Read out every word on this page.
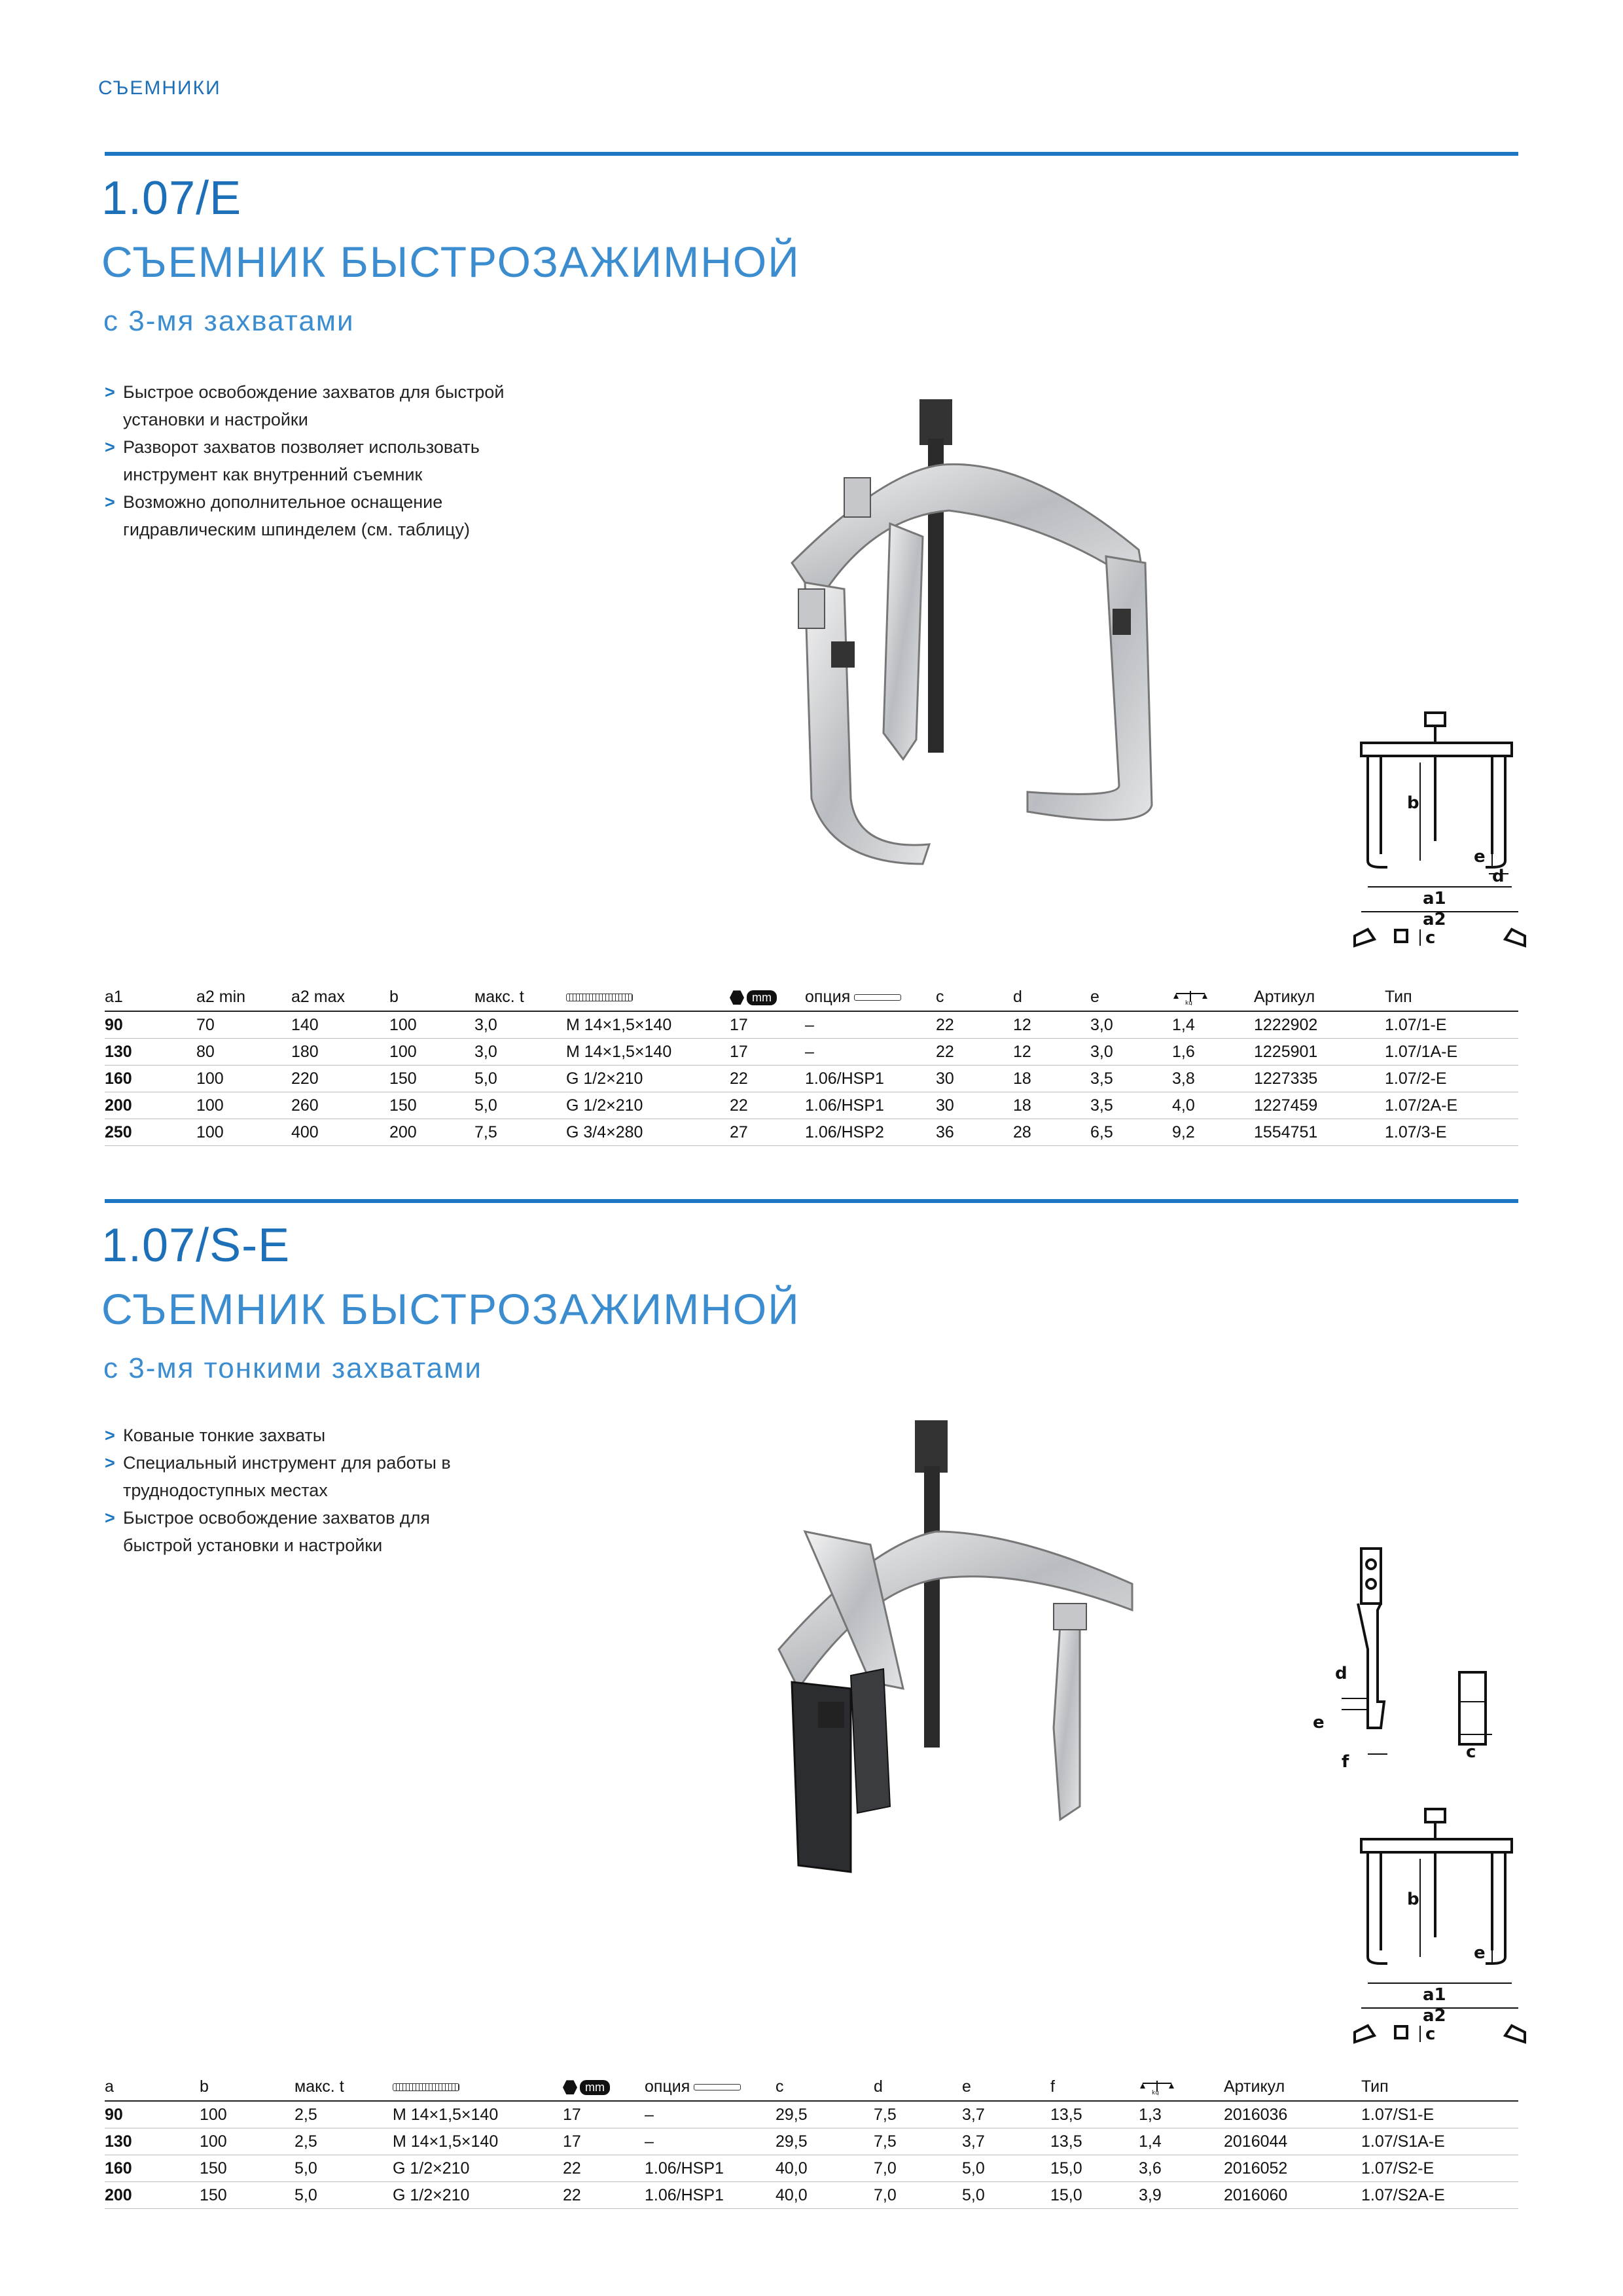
СЪЕМНИКИ
1.07/E
СЪЕМНИК БЫСТРОЗАЖИМНОЙ
с 3-мя захватами
> Быстрое освобождение захватов для быстрой установки и настройки
> Разворот захватов позволяет использовать инструмент как внутренний съемник
> Возможно дополнительное оснащение гидравлическим шпинделем (см. таблицу)
b
e
d
a1
a2
c
a1	a2 min	a2 max	b	макс. t		mm	опция	c	d	e	kg	Артикул	Тип
90	70	140	100	3,0	M 14×1,5×140	17	–	22	12	3,0	1,4	1222902	1.07/1-E
130	80	180	100	3,0	M 14×1,5×140	17	–	22	12	3,0	1,6	1225901	1.07/1A-E
160	100	220	150	5,0	G 1/2×210	22	1.06/HSP1	30	18	3,5	3,8	1227335	1.07/2-E
200	100	260	150	5,0	G 1/2×210	22	1.06/HSP1	30	18	3,5	4,0	1227459	1.07/2A-E
250	100	400	200	7,5	G 3/4×280	27	1.06/HSP2	36	28	6,5	9,2	1554751	1.07/3-E
1.07/S-E
СЪЕМНИК БЫСТРОЗАЖИМНОЙ
с 3-мя тонкими захватами
> Кованые тонкие захваты
> Специальный инструмент для работы в труднодоступных местах
> Быстрое освобождение захватов для быстрой установки и настройки
d
e
f	c
b
e
a1
a2
c
a	b	макс. t		mm	опция	c	d	e	f	kg	Артикул	Тип
90	100	2,5	M 14×1,5×140	17	–	29,5	7,5	3,7	13,5	1,3	2016036	1.07/S1-E
130	100	2,5	M 14×1,5×140	17	–	29,5	7,5	3,7	13,5	1,4	2016044	1.07/S1A-E
160	150	5,0	G 1/2×210	22	1.06/HSP1	40,0	7,0	5,0	15,0	3,6	2016052	1.07/S2-E
200	150	5,0	G 1/2×210	22	1.06/HSP1	40,0	7,0	5,0	15,0	3,9	2016060	1.07/S2A-E
